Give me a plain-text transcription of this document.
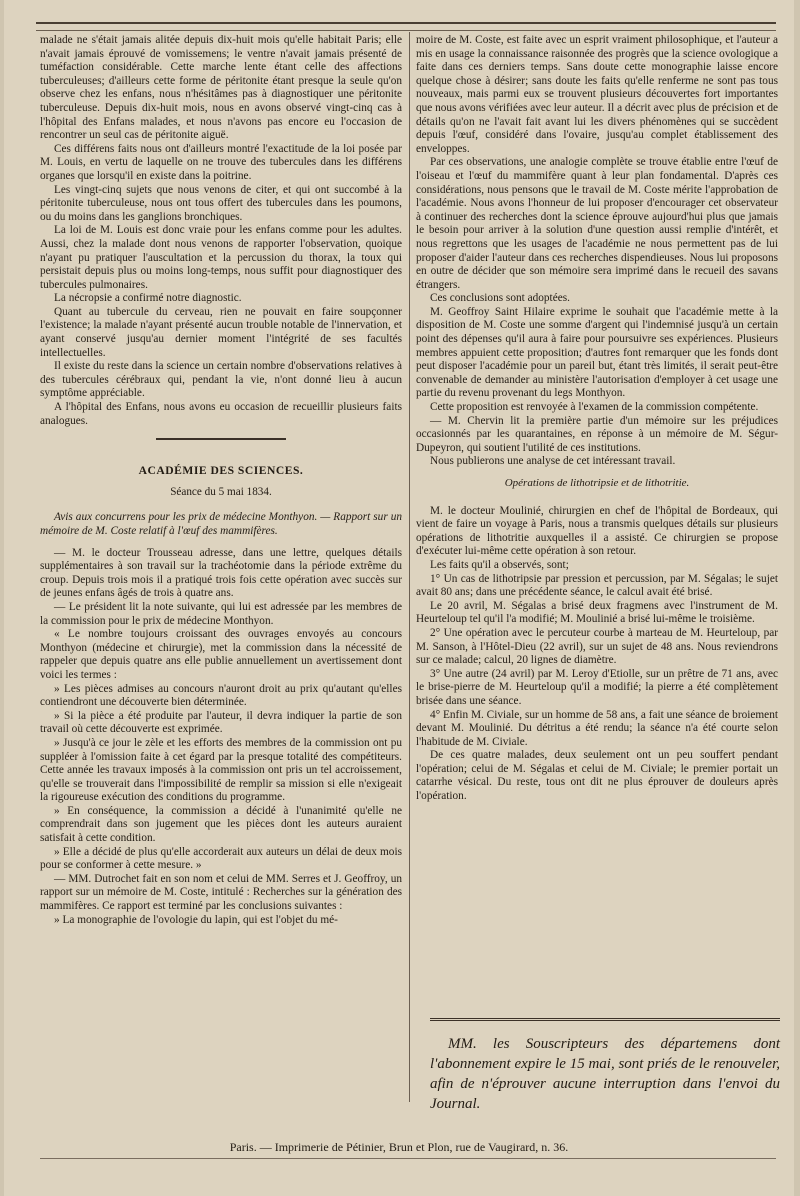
malade ne s'était jamais alitée depuis dix-huit mois qu'elle habitait Paris; elle n'avait jamais éprouvé de vomissemens; le ventre n'avait jamais présenté de tuméfaction considérable. Cette marche lente étant celle des affections tuberculeuses; d'ailleurs cette forme de péritonite étant presque la seule qu'on observe chez les enfans, nous n'hésitâmes pas à diagnostiquer une péritonite tuberculeuse. Depuis dix-huit mois, nous en avons observé vingt-cinq cas à l'hôpital des Enfans malades, et nous n'avons pas encore eu l'occasion de rencontrer un seul cas de péritonite aiguë.

Ces différens faits nous ont d'ailleurs montré l'exactitude de la loi posée par M. Louis, en vertu de laquelle on ne trouve des tubercules dans les différens organes que lorsqu'il en existe dans la poitrine.

Les vingt-cinq sujets que nous venons de citer, et qui ont succombé à la péritonite tuberculeuse, nous ont tous offert des tubercules dans les poumons, ou du moins dans les ganglions bronchiques.

La loi de M. Louis est donc vraie pour les enfans comme pour les adultes. Aussi, chez la malade dont nous venons de rapporter l'observation, quoique n'ayant pu pratiquer l'auscultation et la percussion du thorax, la toux qui persistait depuis plus ou moins long-temps, nous suffit pour diagnostiquer des tubercules pulmonaires.

La nécropsie a confirmé notre diagnostic.

Quant au tubercule du cerveau, rien ne pouvait en faire soupçonner l'existence; la malade n'ayant présenté aucun trouble notable de l'innervation, et ayant conservé jusqu'au dernier moment l'intégrité de ses facultés intellectuelles.

Il existe du reste dans la science un certain nombre d'observations relatives à des tubercules cérébraux qui, pendant la vie, n'ont donné lieu à aucun symptôme appréciable.

A l'hôpital des Enfans, nous avons eu occasion de recueillir plusieurs faits analogues.

ACADÉMIE DES SCIENCES.
Séance du 5 mai 1834.

Avis aux concurrens pour les prix de médecine Monthyon. — Rapport sur un mémoire de M. Coste relatif à l'œuf des mammifères.

— M. le docteur Trousseau adresse, dans une lettre, quelques détails supplémentaires à son travail sur la trachéotomie dans la période extrême du croup. Depuis trois mois il a pratiqué trois fois cette opération avec succès sur de jeunes enfans âgés de trois à quatre ans.

— Le président lit la note suivante, qui lui est adressée par les membres de la commission pour le prix de médecine Monthyon.

« Le nombre toujours croissant des ouvrages envoyés au concours Monthyon (médecine et chirurgie), met la commission dans la nécessité de rappeler que depuis quatre ans elle publie annuellement un avertissement dont voici les termes :

» Les pièces admises au concours n'auront droit au prix qu'autant qu'elles contiendront une découverte bien déterminée.

» Si la pièce a été produite par l'auteur, il devra indiquer la partie de son travail où cette découverte est exprimée.

» Jusqu'à ce jour le zèle et les efforts des membres de la commission ont pu suppléer à l'omission faite à cet égard par la presque totalité des compétiteurs. Cette année les travaux imposés à la commission ont pris un tel accroissement, qu'elle se trouverait dans l'impossibilité de remplir sa mission si elle n'exigeait la rigoureuse exécution des conditions du programme.

» En conséquence, la commission a décidé à l'unanimité qu'elle ne comprendrait dans son jugement que les pièces dont les auteurs auraient satisfait à cette condition.

» Elle a décidé de plus qu'elle accorderait aux auteurs un délai de deux mois pour se conformer à cette mesure. »

— MM. Dutrochet fait en son nom et celui de MM. Serres et J. Geoffroy, un rapport sur un mémoire de M. Coste, intitulé : Recherches sur la génération des mammifères. Ce rapport est terminé par les conclusions suivantes :

» La monographie de l'ovologie du lapin, qui est l'objet du mé-

moire de M. Coste, est faite avec un esprit vraiment philosophique, et l'auteur a mis en usage la connaissance raisonnée des progrès que la science ovologique a faite dans ces derniers temps. Sans doute cette monographie laisse encore quelque chose à désirer; sans doute les faits qu'elle renferme ne sont pas tous nouveaux, mais parmi eux se trouvent plusieurs découvertes fort importantes que nous avons vérifiées avec leur auteur. Il a décrit avec plus de précision et de détails qu'on ne l'avait fait avant lui les divers phénomènes qui se succèdent depuis l'œuf, considéré dans l'ovaire, jusqu'au complet établissement des enveloppes.

Par ces observations, une analogie complète se trouve établie entre l'œuf de l'oiseau et l'œuf du mammifère quant à leur plan fondamental. D'après ces considérations, nous pensons que le travail de M. Coste mérite l'approbation de l'académie. Nous avons l'honneur de lui proposer d'encourager cet observateur à continuer des recherches dont la science éprouve aujourd'hui plus que jamais le besoin pour arriver à la solution d'une question aussi remplie d'intérêt, et nous regrettons que les usages de l'académie ne nous permettent pas de lui proposer d'aider l'auteur dans ces recherches dispendieuses. Nous lui proposons en outre de décider que son mémoire sera imprimé dans le recueil des savans étrangers.

Ces conclusions sont adoptées.

M. Geoffroy Saint Hilaire exprime le souhait que l'académie mette à la disposition de M. Coste une somme d'argent qui l'indemnisé jusqu'à un certain point des dépenses qu'il aura à faire pour poursuivre ses expériences. Plusieurs membres appuient cette proposition; d'autres font remarquer que les fonds dont peut disposer l'académie pour un pareil but, étant très limités, il serait peut-être convenable de demander au ministère l'autorisation d'employer à cet usage une partie du revenu provenant du legs Monthyon.

Cette proposition est renvoyée à l'examen de la commission compétente.

— M. Chervin lit la première partie d'un mémoire sur les préjudices occasionnés par les quarantaines, en réponse à un mémoire de M. Ségur-Dupeyron, qui soutient l'utilité de ces institutions.

Nous publierons une analyse de cet intéressant travail.

Opérations de lithotripsie et de lithotritie.

M. le docteur Moulinié, chirurgien en chef de l'hôpital de Bordeaux, qui vient de faire un voyage à Paris, nous a transmis quelques détails sur plusieurs opérations de lithotritie auxquelles il a assisté. Ce chirurgien se propose d'exécuter lui-même cette opération à son retour.

Les faits qu'il a observés, sont;

1° Un cas de lithotripsie par pression et percussion, par M. Ségalas; le sujet avait 80 ans; dans une précédente séance, le calcul avait été brisé.

Le 20 avril, M. Ségalas a brisé deux fragmens avec l'instrument de M. Heurteloup tel qu'il l'a modifié; M. Moulinié a brisé lui-même le troisième.

2° Une opération avec le percuteur courbe à marteau de M. Heurteloup, par M. Sanson, à l'Hôtel-Dieu (22 avril), sur un sujet de 48 ans. Nous reviendrons sur ce malade; calcul, 20 lignes de diamètre.

3° Une autre (24 avril) par M. Leroy d'Etiolle, sur un prêtre de 71 ans, avec le brise-pierre de M. Heurteloup qu'il a modifié; la pierre a été complètement brisée dans une séance.

4° Enfin M. Civiale, sur un homme de 58 ans, a fait une séance de broiement devant M. Moulinié. Du détritus a été rendu; la séance n'a été courte selon l'habitude de M. Civiale.

De ces quatre malades, deux seulement ont un peu souffert pendant l'opération; celui de M. Ségalas et celui de M. Civiale; le premier portait un catarrhe vésical. Du reste, tous ont dit ne plus éprouver de douleurs après l'opération.

MM. les Souscripteurs des départemens dont l'abonnement expire le 15 mai, sont priés de le renouveler, afin de n'éprouver aucune interruption dans l'envoi du Journal.

Paris. — Imprimerie de Pétinier, Brun et Plon, rue de Vaugirard, n. 36.
